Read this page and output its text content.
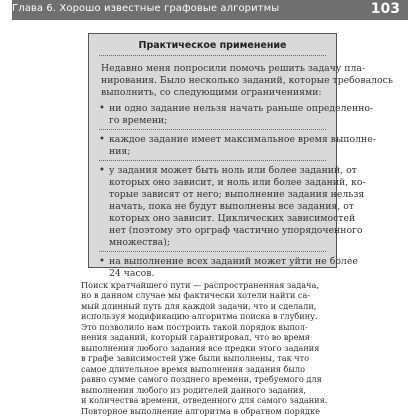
Глава 6. Хорошо известные графовые алгоритмы	103
Практическое применение
Недавно меня попросили помочь решить задачу пла-
нирования. Было несколько заданий, которые требовалось
выполнить, со следующими ограничениями:
• ни одно задание нельзя начать раньше определенно-
го времени;
• каждое задание имеет максимальное время выполне-
ния;
• у задания может быть ноль или более заданий, от
которых оно зависит, и ноль или более заданий, ко-
торые зависят от него; выполнение задания нельзя
начать, пока не будут выполнены все задания, от
которых оно зависит. Циклических зависимостей
нет (поэтому это орграф частично упорядоченного
множества);
• на выполнение всех заданий может уйти не более
24 часов.
Поиск кратчайшего пути — распространенная задача,
но в данном случае мы фактически хотели найти са-
мый длинный путь для каждой задачи, что и сделали,
используя модификацию алгоритма поиска в глубину.
Это позволило нам построить такой порядок выпол-
нения заданий, который гарантировал, что во время
выполнения любого задания все предки этого задания
в графе зависимостей уже были выполнены, так что
самое длительное время выполнения задания было
равно сумме самого позднего времени, требуемого для
выполнения любого из родителей данного задания,
и количества времени, отведенного для самого задания.
Повторное выполнение алгоритма в обратном порядке
